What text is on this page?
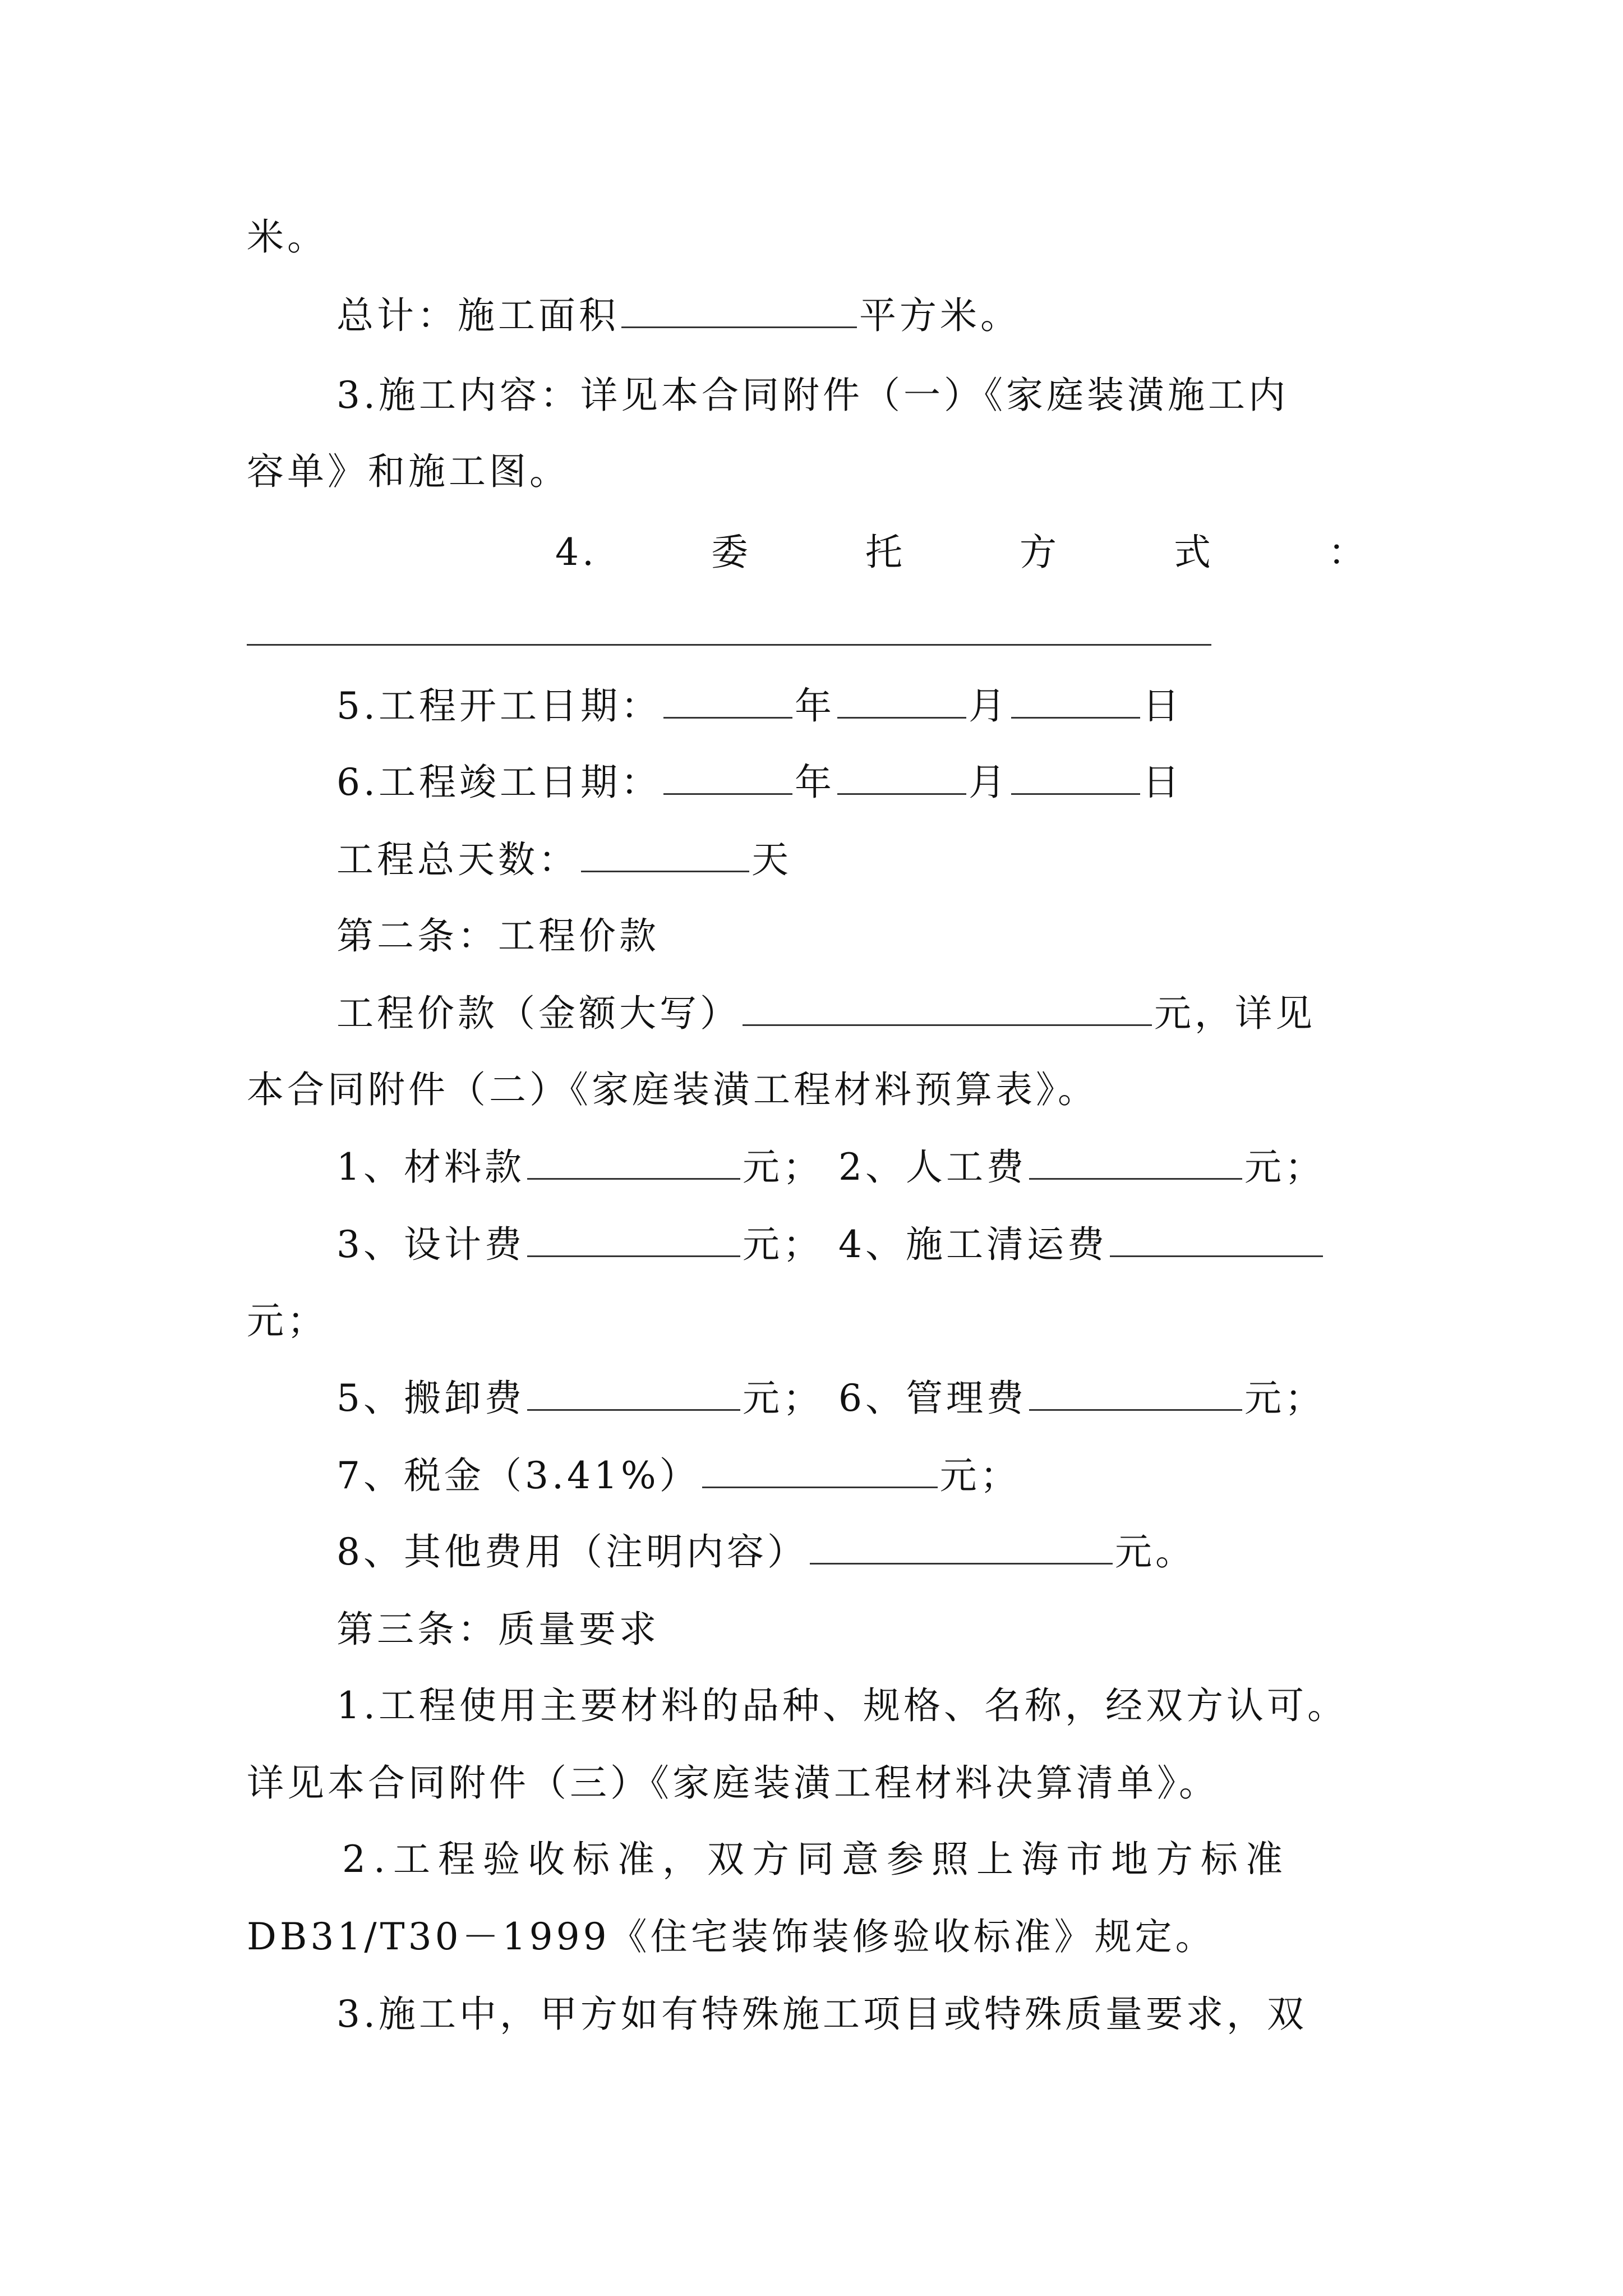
米。
总计：施工面积	平方米。
3.施工内容：详见本合同附件（一）《家庭装潢施工内
容单》和施工图。
4.	委	托	方	式	：
5.工程开工日期：	年	月	日
6.工程竣工日期：	年	月	日
工程总天数：	天
第二条：工程价款
工程价款（金额大写）	元，详见
本合同附件（二）《家庭装潢工程材料预算表》。
1、材料款	元； 2、人工费	元；
3、设计费	元； 4、施工清运费
元；
5、搬卸费	元； 6、管理费	元；
7、税金（3.41%）	元；
8、其他费用（注明内容）	元。
第三条：质量要求
1.工程使用主要材料的品种、规格、名称，经双方认可。
详见本合同附件（三）《家庭装潢工程材料决算清单》。
2.工程验收标准，双方同意参照上海市地方标准
DB31/T30－1999《住宅装饰装修验收标准》规定。
3.施工中，甲方如有特殊施工项目或特殊质量要求，双
